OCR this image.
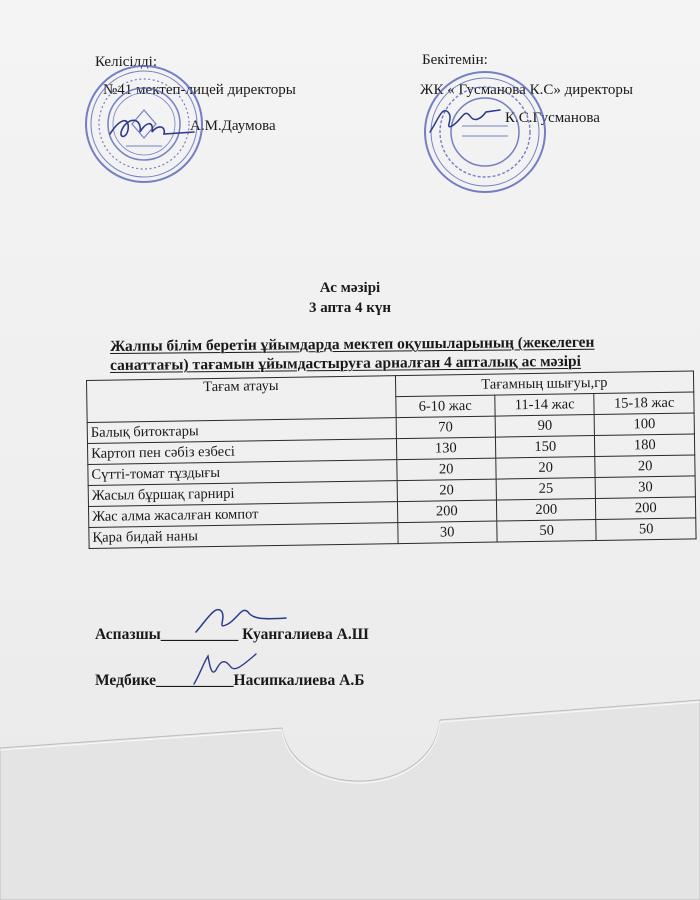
Келісілді:
№41 мектеп-лицей директоры
А.М.Даумова
Бекітемін:
ЖК « Гусманова К.С» директоры
К.С.Гусманова
Ас мәзірі
3 апта 4 күн
Жалпы білім беретін ұйымдарда мектеп оқушыларының (жекелеген
санаттағы) тағамын ұйымдастыруға арналған 4 апталық ас мәзірі
Тағам атауы	Тағамның шығуы,гр		
	6-10 жас	11-14 жас	15-18 жас
Балық битоктары	70	90	100
Картоп пен сәбіз езбесі	130	150	180
Сүтті-томат тұздығы	20	20	20
Жасыл бұршақ гарнирі	20	25	30
Жас алма жасалған компот	200	200	200
Қара бидай наны	30	50	50
Аспазшы__________ Куангалиева А.Ш
Медбике__________Насипкалиева А.Б
